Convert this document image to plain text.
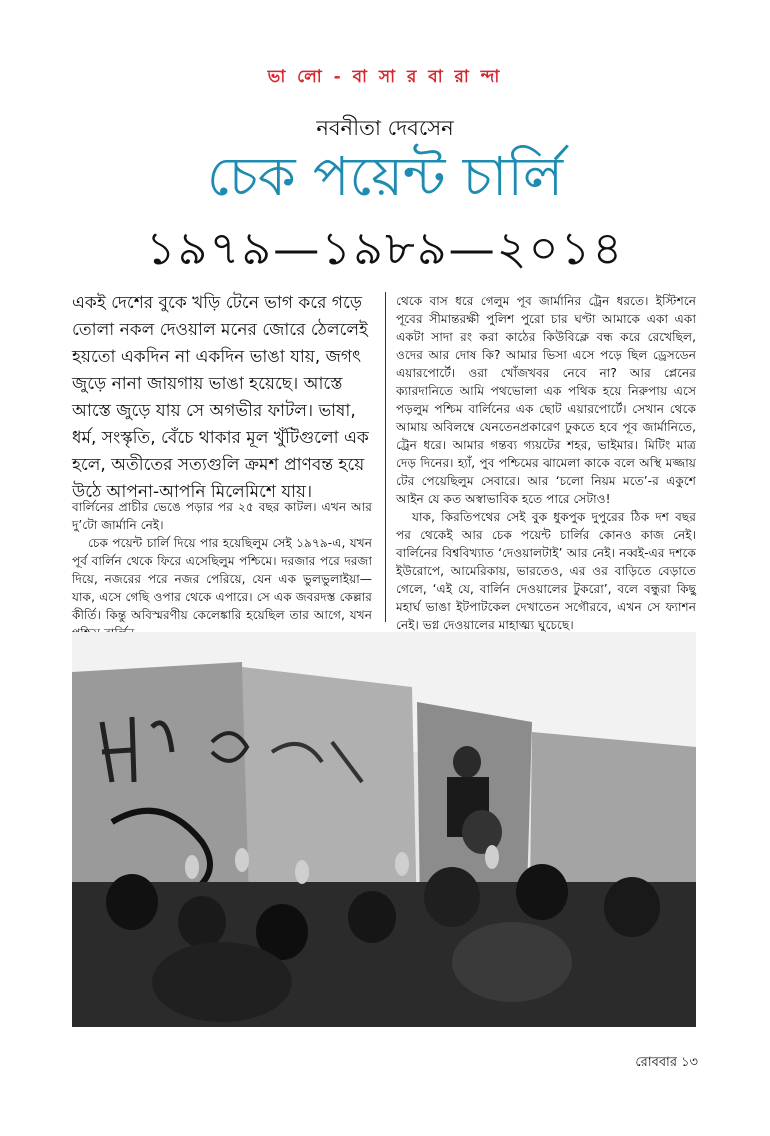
ভা লো - বা সা র বা রা ন্দা
নবনীতা দেবসেন
চেক পয়েন্ট চার্লি
১৯৭৯—১৯৮৯—২০১৪
একই দেশের বুকে খড়ি টেনে ভাগ করে গড়ে তোলা নকল দেওয়াল মনের জোরে ঠেললেই হয়তো একদিন না একদিন ভাঙা যায়, জগৎ জুড়ে নানা জায়গায় ভাঙা হয়েছে। আস্তে আস্তে জুড়ে যায় সে অগভীর ফাটল। ভাষা, ধর্ম, সংস্কৃতি, বেঁচে থাকার মূল খুঁটিগুলো এক হলে, অতীতের সত্যগুলি ক্রমশ প্রাণবন্ত হয়ে উঠে আপনা-আপনি মিলেমিশে যায়।

বার্লিনের প্রাচীর ভেঙে পড়ার পর ২৫ বছর কাটল। এখন আর দু’টো জার্মানি নেই।

চেক পয়েন্ট চার্লি দিয়ে পার হয়েছিলুম সেই ১৯৭৯-এ, যখন পূর্ব বার্লিন থেকে ফিরে এসেছিলুম পশ্চিমে। দরজার পরে দরজা দিয়ে, নজরের পরে নজর পেরিয়ে, যেন এক ভুলভুলাইয়া—যাক, এসে গেছি ওপার থেকে এপারে। সে এক জবরদস্ত কেল্লার কীর্তি। কিন্তু অবিস্মরণীয় কেলেঙ্কারি হয়েছিল তার আগে, যখন

থেকে বাস ধরে গেলুম পূব জার্মানির ট্রেন ধরতে। ইস্টিশনে পূবের সীমান্তরক্ষী পুলিশ পুরো চার ঘণ্টা আমাকে একা একা একটা সাদা রং করা কাঠের কিউবিক্লে বন্ধ করে রেখেছিল, ওদের আর দোষ কি? আমার ভিসা এসে পড়ে ছিল ড্রেসডেন এয়ারপোর্টে। ওরা খোঁজখবর নেবে না? আর প্লেনের ক্যারদানিতে আমি পথভোলা এক পথিক হয়ে নিরুপায় এসে পড়লুম পশ্চিম বার্লিনের এক ছোট এয়ারপোর্টে। সেখান থেকে আমায় অবিলম্বে যেনতেনপ্রকারেণ ঢুকতে হবে পূব জার্মানিতে, ট্রেন ধরে। আমার গন্তব্য গ্যয়টের শহর, ভাইমার। মিটিং মাত্র দেড় দিনের। হ্যাঁ, পুব পশ্চিমের ঝামেলা কাকে বলে অস্থি মজ্জায় টের পেয়েছিলুম সেবারে। আর ‘চলো নিয়ম মতে’-র একুশে আইন যে কত অস্বাভাবিক হতে পারে সেটাও!

যাক, কিরতিপথের সেই বুক ধুকপুক দুপুরের ঠিক দশ বছর পর থেকেই আর চেক পয়েন্ট চার্লির কোনও কাজ নেই। বার্লিনের বিশ্ববিখ্যাত ‘দেওয়ালটাই’ আর নেই। নব্বই-এর দশকে ইউরোপে, আমেরিকায়, ভারতেও, এর ওর বাড়িতে বেড়াতে গেলে, ‘এই যে, বার্লিন দেওয়ালের টুকরো’, বলে বন্ধুরা কিছু মহার্ঘ ভাঙা ইটপাটকেল দেখাতেন সগৌরবে, এখন সে ফ্যাশন নেই। ভগ্ন দেওয়ালের মাহাত্ম্য ঘুচেছে।

রোববার ১৩
